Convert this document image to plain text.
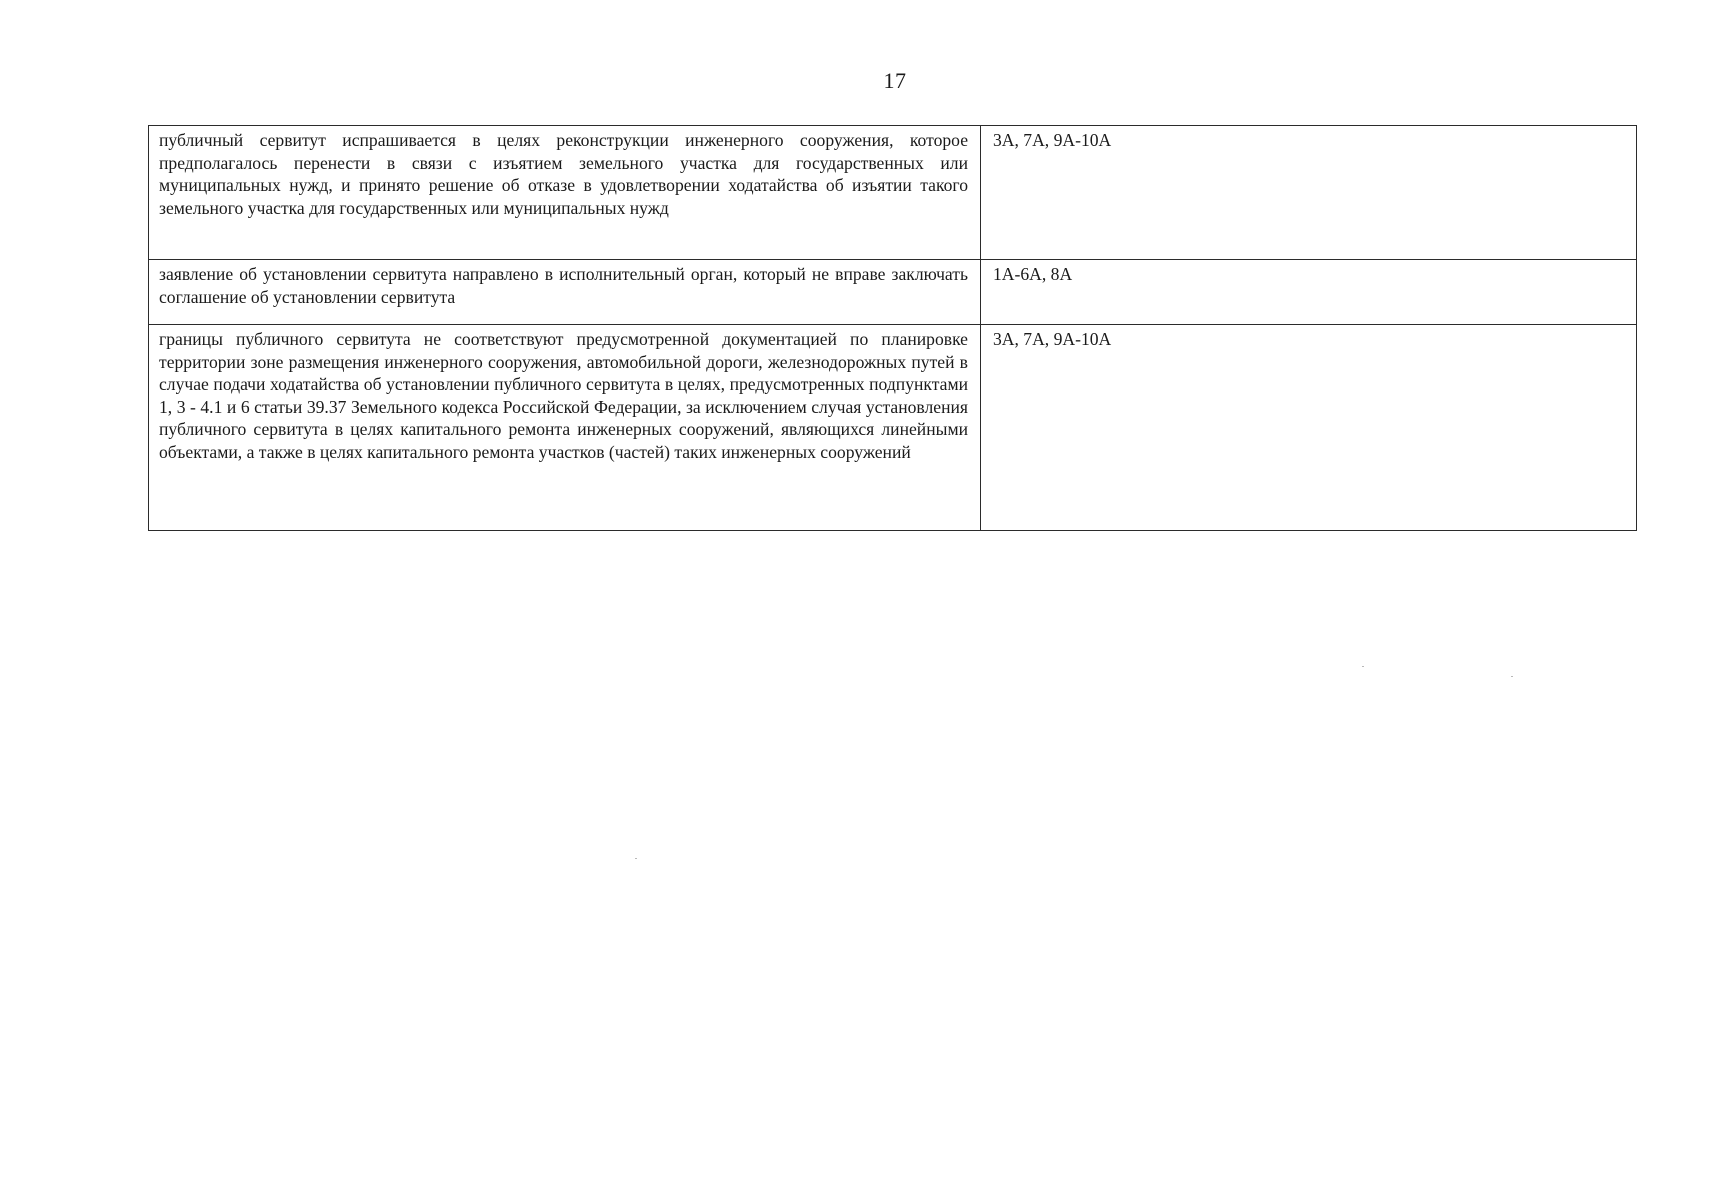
17
публичный сервитут испрашивается в целях реконструкции инженерного сооружения, которое предполагалось перенести в связи с изъятием земельного участка для государственных или муниципальных нужд, и принято решение об отказе в удовлетворении ходатайства об изъятии такого земельного участка для государственных или муниципальных нужд	3А, 7А, 9А-10А
заявление об установлении сервитута направлено в исполнительный орган, который не вправе заключать соглашение об установлении сервитута	1А-6А, 8А
границы публичного сервитута не соответствуют предусмотренной документацией по планировке территории зоне размещения инженерного сооружения, автомобильной дороги, железнодорожных путей в случае подачи ходатайства об установлении публичного сервитута в целях, предусмотренных подпунктами 1, 3 - 4.1 и 6 статьи 39.37 Земельного кодекса Российской Федерации, за исключением случая установления публичного сервитута в целях капитального ремонта инженерных сооружений, являющихся линейными объектами, а также в целях капитального ремонта участков (частей) таких инженерных сооружений	3А, 7А, 9А-10А
